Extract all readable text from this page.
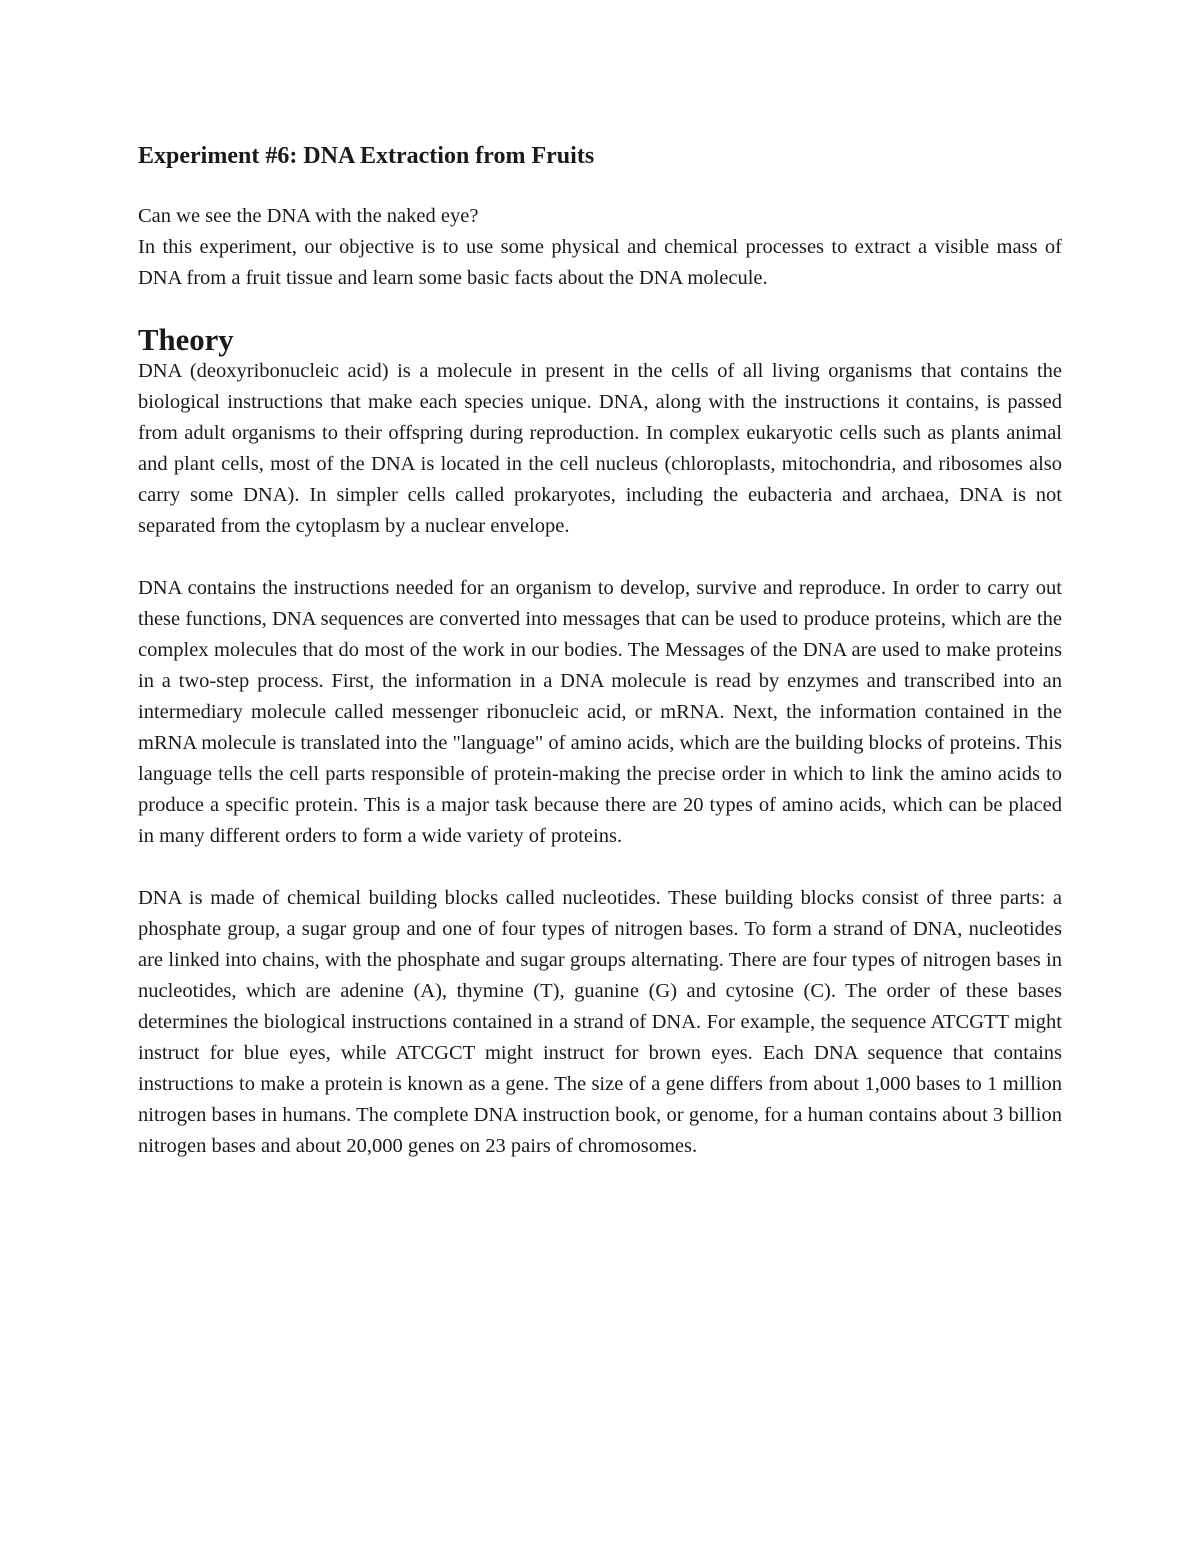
Experiment #6: DNA Extraction from Fruits

Can we see the DNA with the naked eye?

In this experiment, our objective is to use some physical and chemical processes to extract a visible mass of DNA from a fruit tissue and learn some basic facts about the DNA molecule.

Theory

DNA (deoxyribonucleic acid) is a molecule in present in the cells of all living organisms that contains the biological instructions that make each species unique. DNA, along with the instructions it contains, is passed from adult organisms to their offspring during reproduction. In complex eukaryotic cells such as plants animal and plant cells, most of the DNA is located in the cell nucleus (chloroplasts, mitochondria, and ribosomes also carry some DNA). In simpler cells called prokaryotes, including the eubacteria and archaea, DNA is not separated from the cytoplasm by a nuclear envelope.

DNA contains the instructions needed for an organism to develop, survive and reproduce. In order to carry out these functions, DNA sequences are converted into messages that can be used to produce proteins, which are the complex molecules that do most of the work in our bodies. The Messages of the DNA are used to make proteins in a two-step process. First, the information in a DNA molecule is read by enzymes and transcribed into an intermediary molecule called messenger ribonucleic acid, or mRNA. Next, the information contained in the mRNA molecule is translated into the "language" of amino acids, which are the building blocks of proteins. This language tells the cell parts responsible of protein-making the precise order in which to link the amino acids to produce a specific protein. This is a major task because there are 20 types of amino acids, which can be placed in many different orders to form a wide variety of proteins.

DNA is made of chemical building blocks called nucleotides. These building blocks consist of three parts: a phosphate group, a sugar group and one of four types of nitrogen bases. To form a strand of DNA, nucleotides are linked into chains, with the phosphate and sugar groups alternating. There are four types of nitrogen bases in nucleotides, which are adenine (A), thymine (T), guanine (G) and cytosine (C). The order of these bases determines the biological instructions contained in a strand of DNA. For example, the sequence ATCGTT might instruct for blue eyes, while ATCGCT might instruct for brown eyes. Each DNA sequence that contains instructions to make a protein is known as a gene. The size of a gene differs from about 1,000 bases to 1 million nitrogen bases in humans. The complete DNA instruction book, or genome, for a human contains about 3 billion nitrogen bases and about 20,000 genes on 23 pairs of chromosomes.
